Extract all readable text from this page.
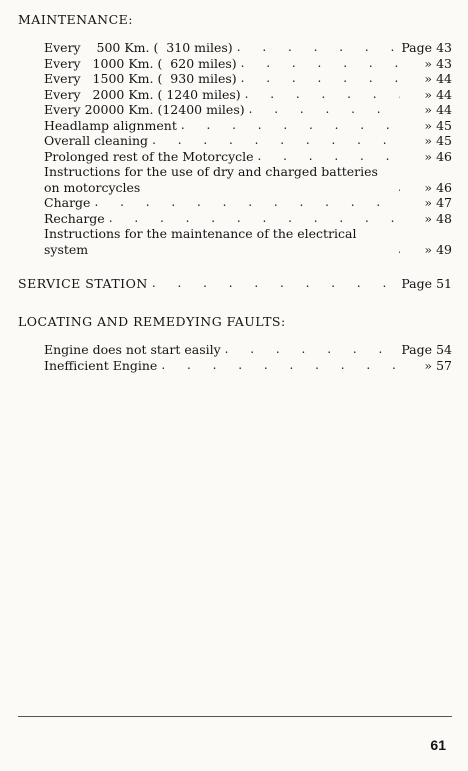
MAINTENANCE:
Every    500 Km. (  310 miles) . . .	Page 43
Every   1000 Km. (  620 miles) . . .	» 43
Every   1500 Km. (  930 miles) . . .	» 44
Every   2000 Km. ( 1240 miles) . . .	» 44
Every 20000 Km. (12400 miles) . . .	» 44
Headlamp alignment . . .	» 45
Overall cleaning . . .	» 45
Prolonged rest of the Motorcycle . . .	» 46
Instructions for the use of dry and charged batteries on motorcycles . . .	» 46
Charge . . .	» 47
Recharge . . .	» 48
Instructions for the maintenance of the electrical system . . .	» 49
SERVICE STATION . . .	Page 51
LOCATING AND REMEDYING FAULTS:
Engine does not start easily . . .	Page 54
Inefficient Engine . . .	» 57
61
